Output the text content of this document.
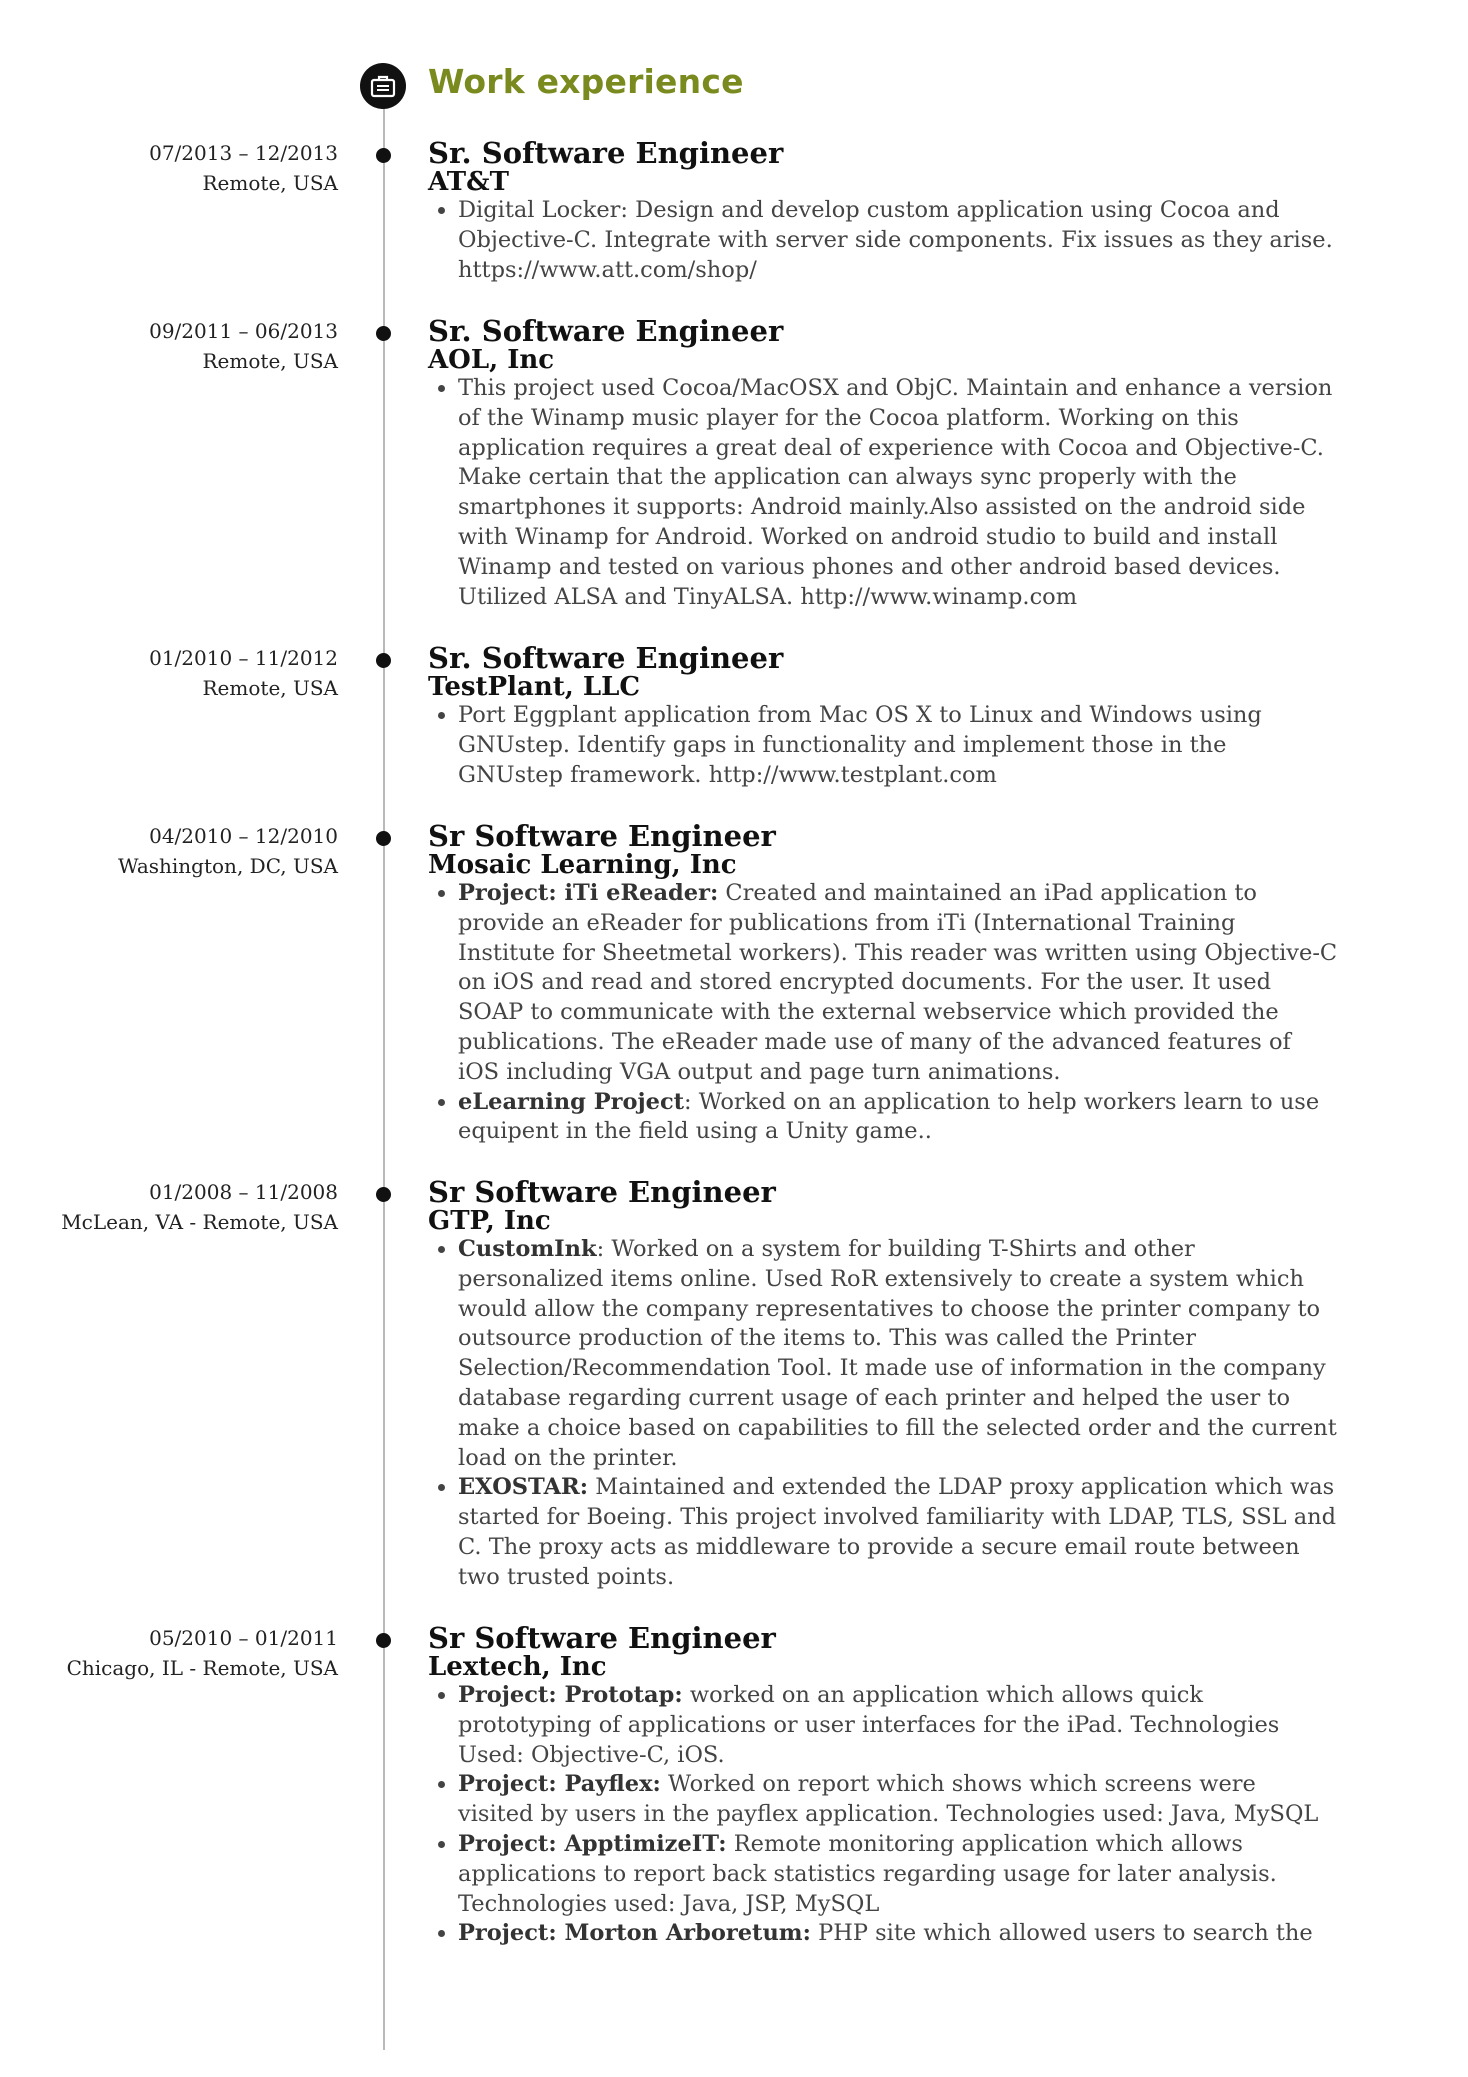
Work experience
07/2013 – 12/2013
Remote, USA
Sr. Software Engineer
AT&T
• Digital Locker: Design and develop custom application using Cocoa and Objective-C. Integrate with server side components. Fix issues as they arise. https://www.att.com/shop/
09/2011 – 06/2013
Remote, USA
Sr. Software Engineer
AOL, Inc
• This project used Cocoa/MacOSX and ObjC. Maintain and enhance a version of the Winamp music player for the Cocoa platform. Working on this application requires a great deal of experience with Cocoa and Objective-C. Make certain that the application can always sync properly with the smartphones it supports: Android mainly.Also assisted on the android side with Winamp for Android. Worked on android studio to build and install Winamp and tested on various phones and other android based devices. Utilized ALSA and TinyALSA. http://www.winamp.com
01/2010 – 11/2012
Remote, USA
Sr. Software Engineer
TestPlant, LLC
• Port Eggplant application from Mac OS X to Linux and Windows using GNUstep. Identify gaps in functionality and implement those in the GNUstep framework. http://www.testplant.com
04/2010 – 12/2010
Washington, DC, USA
Sr Software Engineer
Mosaic Learning, Inc
• Project: iTi eReader: Created and maintained an iPad application to provide an eReader for publications from iTi (International Training Institute for Sheetmetal workers). This reader was written using Objective-C on iOS and read and stored encrypted documents. For the user. It used SOAP to communicate with the external webservice which provided the publications. The eReader made use of many of the advanced features of iOS including VGA output and page turn animations.
• eLearning Project: Worked on an application to help workers learn to use equipent in the field using a Unity game..
01/2008 – 11/2008
McLean, VA - Remote, USA
Sr Software Engineer
GTP, Inc
• CustomInk: Worked on a system for building T-Shirts and other personalized items online. Used RoR extensively to create a system which would allow the company representatives to choose the printer company to outsource production of the items to. This was called the Printer Selection/Recommendation Tool. It made use of information in the company database regarding current usage of each printer and helped the user to make a choice based on capabilities to fill the selected order and the current load on the printer.
• EXOSTAR: Maintained and extended the LDAP proxy application which was started for Boeing. This project involved familiarity with LDAP, TLS, SSL and C. The proxy acts as middleware to provide a secure email route between two trusted points.
05/2010 – 01/2011
Chicago, IL - Remote, USA
Sr Software Engineer
Lextech, Inc
• Project: Prototap: worked on an application which allows quick prototyping of applications or user interfaces for the iPad. Technologies Used: Objective-C, iOS.
• Project: Payflex: Worked on report which shows which screens were visited by users in the payflex application. Technologies used: Java, MySQL
• Project: ApptimizeIT: Remote monitoring application which allows applications to report back statistics regarding usage for later analysis. Technologies used: Java, JSP, MySQL
• Project: Morton Arboretum: PHP site which allowed users to search the
